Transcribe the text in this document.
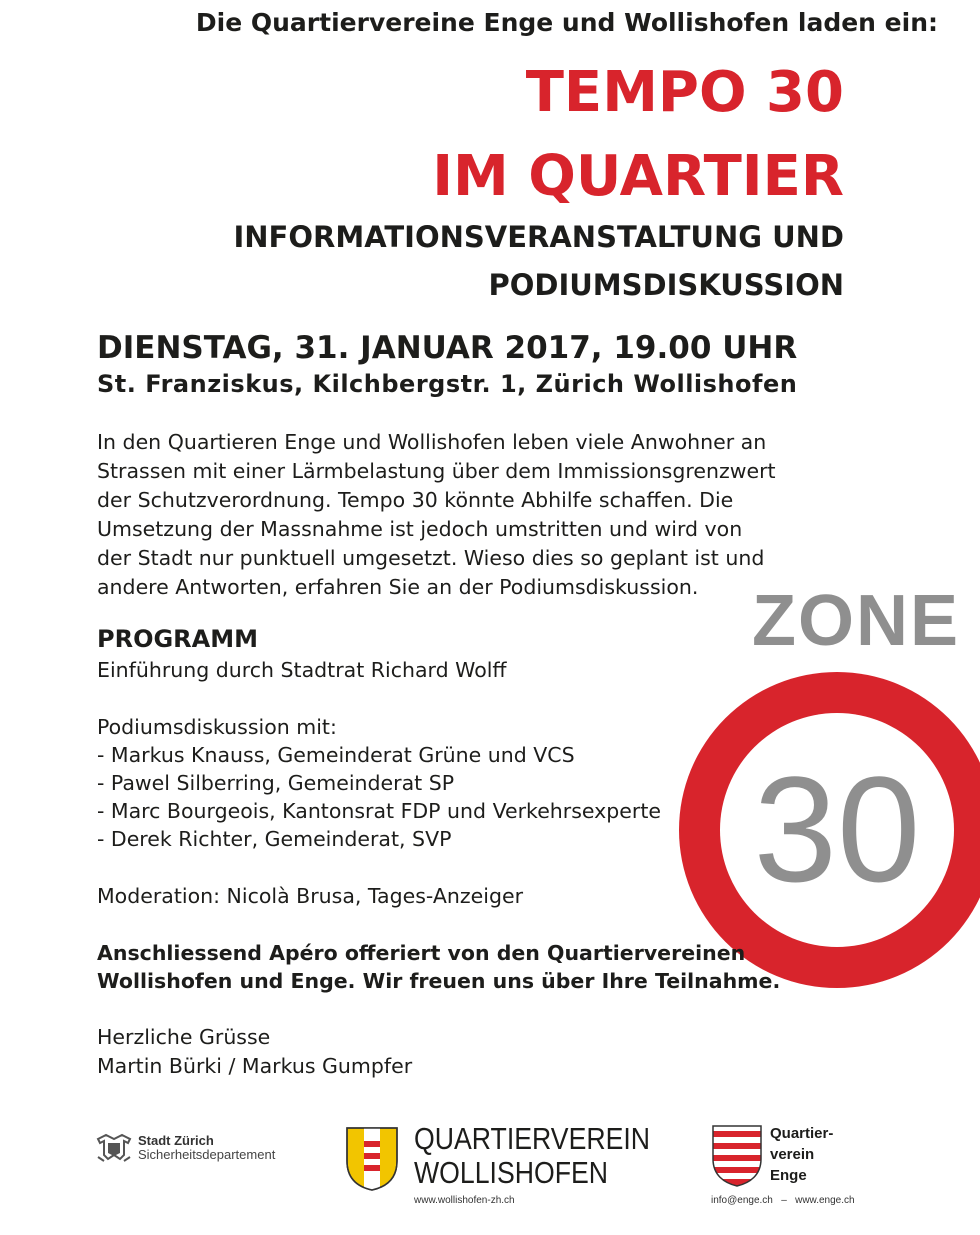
Die Quartiervereine Enge und Wollishofen laden ein:
TEMPO 30
IM QUARTIER
INFORMATIONSVERANSTALTUNG UND
PODIUMSDISKUSSION
DIENSTAG, 31. JANUAR 2017, 19.00 UHR
St. Franziskus, Kilchbergstr. 1, Zürich Wollishofen
In den Quartieren Enge und Wollishofen leben viele Anwohner an
Strassen mit einer Lärmbelastung über dem Immissionsgrenzwert
der Schutzverordnung. Tempo 30 könnte Abhilfe schaffen. Die
Umsetzung der Massnahme ist jedoch umstritten und wird von
der Stadt nur punktuell umgesetzt. Wieso dies so geplant ist und
andere Antworten, erfahren Sie an der Podiumsdiskussion. ZONE
30
PROGRAMM
Einführung durch Stadtrat Richard Wolff
Podiumsdiskussion mit:
- Markus Knauss, Gemeinderat Grüne und VCS
- Pawel Silberring, Gemeinderat SP
- Marc Bourgeois, Kantonsrat FDP und Verkehrsexperte
- Derek Richter, Gemeinderat, SVP
Moderation: Nicolà Brusa, Tages-Anzeiger
Anschliessend Apéro offeriert von den Quartiervereinen
Wollishofen und Enge. Wir freuen uns über Ihre Teilnahme.
Herzliche Grüsse
Martin Bürki / Markus Gumpfer
Stadt Zürich
Sicherheitsdepartement	QUARTIERVEREIN
WOLLISHOFEN
www.wollishofen-zh.ch
Quartier-
verein
Enge
info@enge.ch   –   www.enge.ch
